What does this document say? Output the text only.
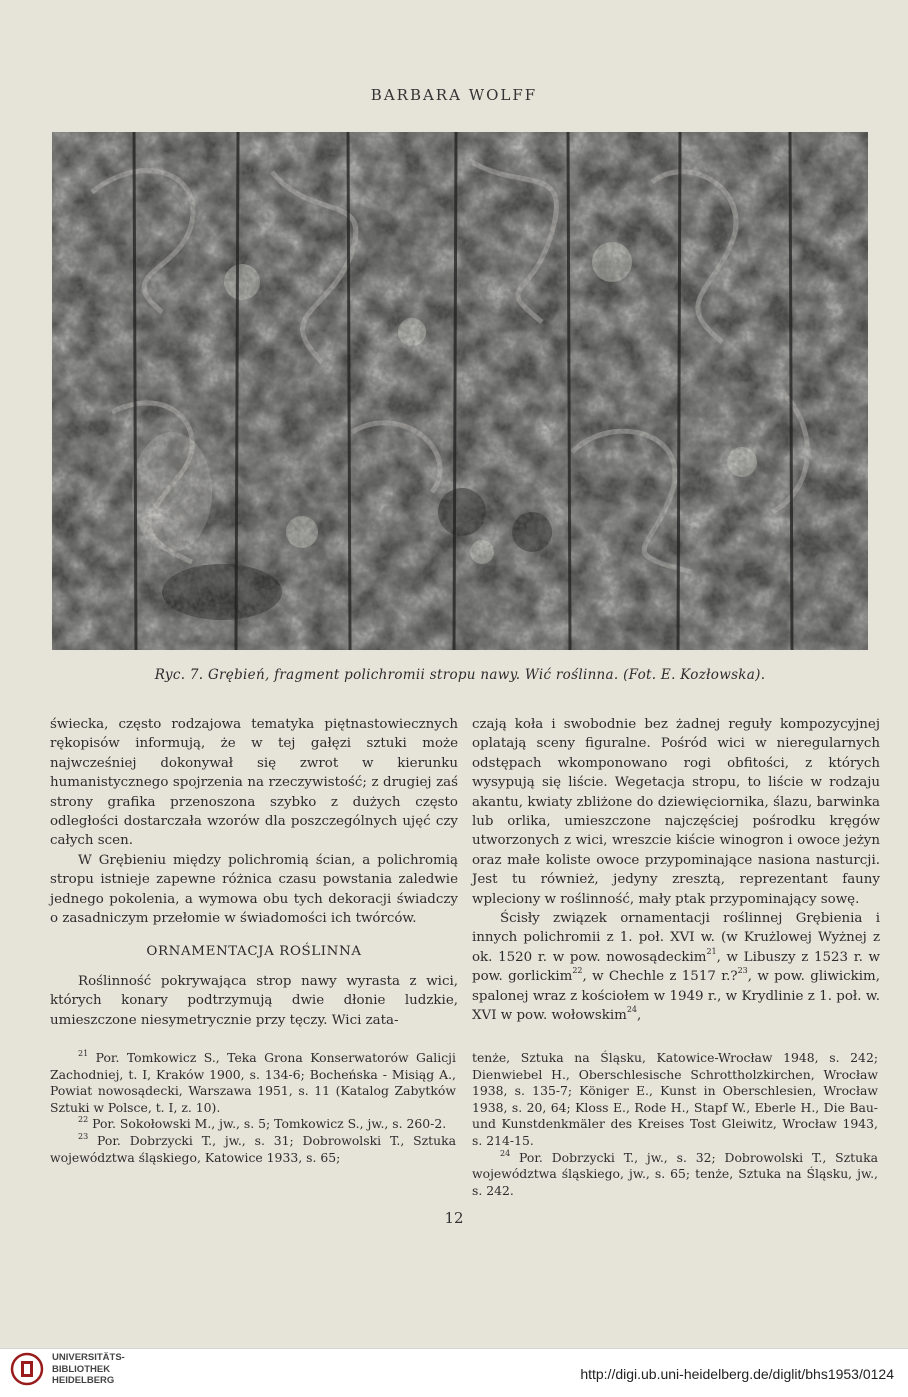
BARBARA WOLFF
Ryc. 7. Grębień, fragment polichromii stropu nawy. Wić roślinna. (Fot. E. Kozłowska).

świecka, często rodzajowa tematyka piętnastowiecznych rękopisów informują, że w tej gałęzi sztuki może najwcześniej dokonywał się zwrot w kierunku humanistycznego spojrzenia na rzeczywistość; z drugiej zaś strony grafika przenoszona szybko z dużych często odległości dostarczała wzorów dla poszczególnych ujęć czy całych scen.

W Grębieniu między polichromią ścian, a polichromią stropu istnieje zapewne różnica czasu powstania zaledwie jednego pokolenia, a wymowa obu tych dekoracji świadczy o zasadniczym przełomie w świadomości ich twórców.

ORNAMENTACJA ROŚLINNA

Roślinność pokrywająca strop nawy wyrasta z wici, których konary podtrzymują dwie dłonie ludzkie, umieszczone niesymetrycznie przy tęczy. Wici zata-

czają koła i swobodnie bez żadnej reguły kompozycyjnej oplatają sceny figuralne. Pośród wici w nieregularnych odstępach wkomponowano rogi obfitości, z których wysypują się liście. Wegetacja stropu, to liście w rodzaju akantu, kwiaty zbliżone do dziewięciornika, ślazu, barwinka lub orlika, umieszczone najczęściej pośrodku kręgów utworzonych z wici, wreszcie kiście winogron i owoce jeżyn oraz małe koliste owoce przypominające nasiona nasturcji. Jest tu również, jedyny zresztą, reprezentant fauny wpleciony w roślinność, mały ptak przypominający sowę.

Ścisły związek ornamentacji roślinnej Grębienia i innych polichromii z 1. poł. XVI w. (w Krużlowej Wyżnej z ok. 1520 r. w pow. nowosądeckim$^{21}$, w Libuszy z 1523 r. w pow. gorlickim$^{22}$, w Chechle z 1517 r.?$^{23}$, w pow. gliwickim, spalonej wraz z kościołem w 1949 r., w Krydlinie z 1. poł. w. XVI w pow. wołowskim$^{24}$,

$^{21}$ Por. Tomkowicz S., Teka Grona Konserwatorów Galicji Zachodniej, t. I, Kraków 1900, s. 134-6; Bocheńska - Misiąg A., Powiat nowosądecki, Warszawa 1951, s. 11 (Katalog Zabytków Sztuki w Polsce, t. I, z. 10).

$^{22}$ Por. Sokołowski M., jw., s. 5; Tomkowicz S., jw., s. 260-2.

$^{23}$ Por. Dobrzycki T., jw., s. 31; Dobrowolski T., Sztuka województwa śląskiego, Katowice 1933, s. 65;

tenże, Sztuka na Śląsku, Katowice-Wrocław 1948, s. 242; Dienwiebel H., Oberschlesische Schrottholzkirchen, Wrocław 1938, s. 135-7; Königer E., Kunst in Oberschlesien, Wrocław 1938, s. 20, 64; Kloss E., Rode H., Stapf W., Eberle H., Die Bau-und Kunstdenkmäler des Kreises Tost Gleiwitz, Wrocław 1943, s. 214-15.

$^{24}$ Por. Dobrzycki T., jw., s. 32; Dobrowolski T., Sztuka województwa śląskiego, jw., s. 65; tenże, Sztuka na Śląsku, jw., s. 242.

12
UNIVERSITÄTS-
BIBLIOTHEK
HEIDELBERG	http://digi.ub.uni-heidelberg.de/diglit/bhs1953/0124
